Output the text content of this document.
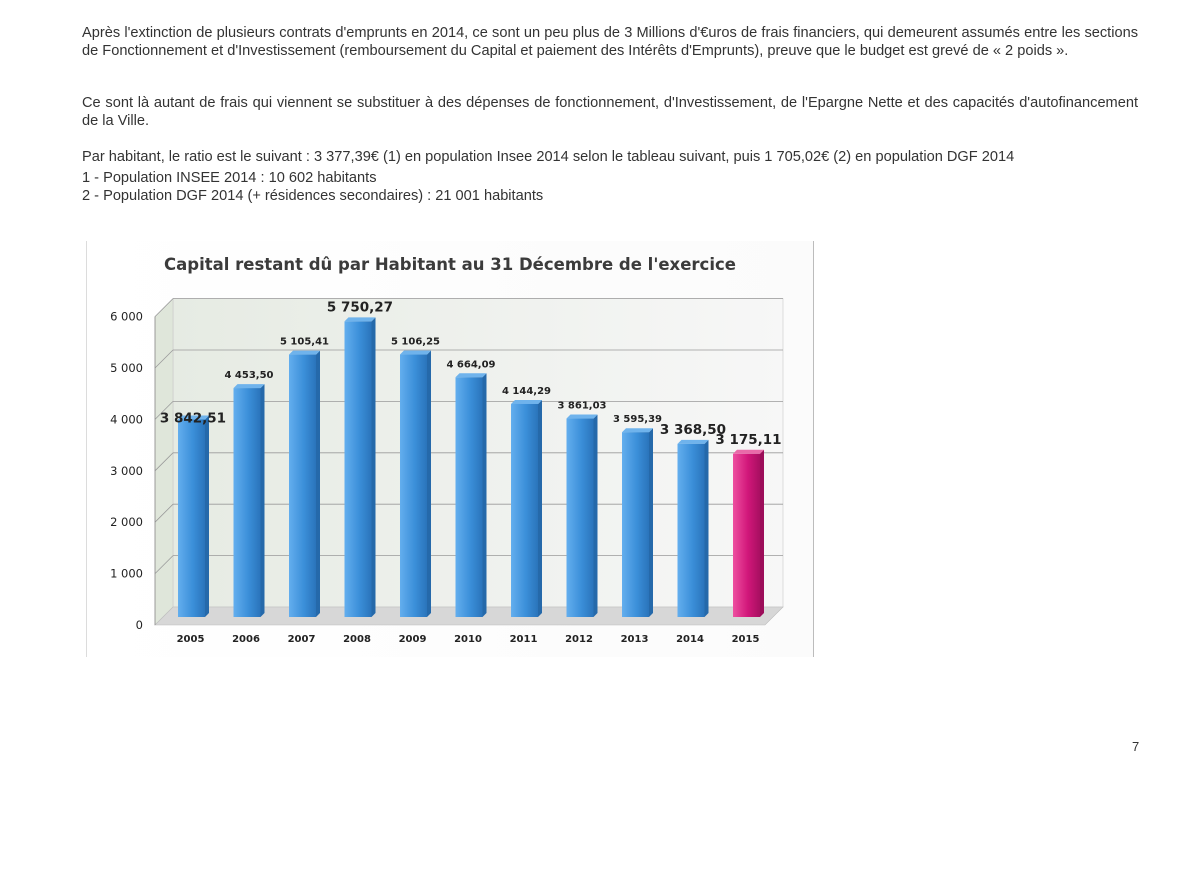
Après l'extinction de plusieurs contrats d'emprunts en 2014, ce sont un peu plus de 3 Millions d'€uros de frais financiers, qui demeurent assumés entre les sections de Fonctionnement et d'Investissement (remboursement du Capital et paiement des Intérêts d'Emprunts), preuve que le budget est grevé de « 2 poids ».

Ce sont là autant de frais qui viennent se substituer à des dépenses de fonctionnement, d'Investissement, de l'Epargne Nette et des capacités d'autofinancement de la Ville.

Par habitant, le ratio est le suivant : 3 377,39€ (1) en population Insee 2014 selon le tableau suivant, puis 1 705,02€ (2) en population DGF 2014

1 - Population INSEE 2014 : 10 602 habitants

2 - Population DGF 2014 (+ résidences secondaires) : 21 001 habitants

Capital restant dû par Habitant au 31 Décembre de l'exercice
0
1 000
2 000
3 000
4 000
5 000
6 000
3 842,51
2005
4 453,50
2006
5 105,41
2007
5 750,27
2008
5 106,25
2009
4 664,09
2010
4 144,29
2011
3 861,03
2012
3 595,39
2013
3 368,50
2014
3 175,11
2015
7
